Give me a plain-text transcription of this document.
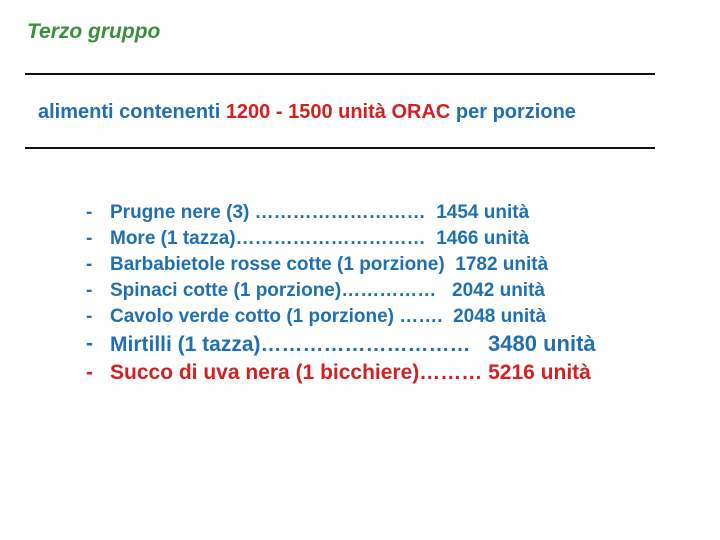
Terzo gruppo
alimenti contenenti 1200 - 1500 unità ORAC per porzione
- Prugne nere (3) ……………………… 1454 unità
- More (1 tazza)………………………… 1466 unità
- Barbabietole rosse cotte (1 porzione) 1782 unità
- Spinaci cotte (1 porzione)…………… 2042 unità
- Cavolo verde cotto (1 porzione) ……. 2048 unità
- Mirtilli (1 tazza)………………………… 3480 unità
- Succo di uva nera (1 bicchiere)……… 5216 unità
